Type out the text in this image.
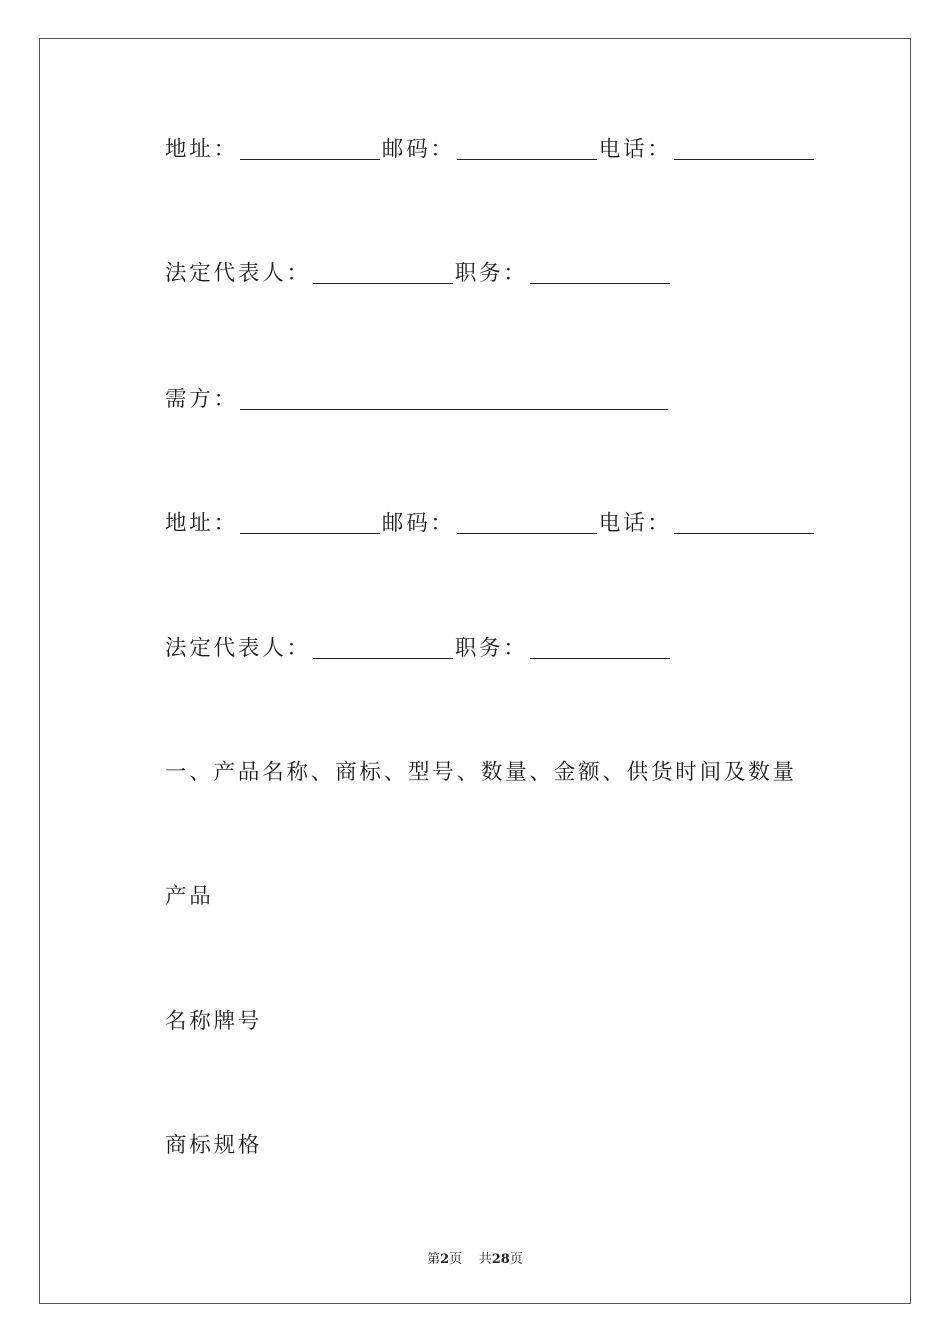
地址：	邮码：	电话：
法定代表人：	职务：
需方：
地址：	邮码：	电话：
法定代表人：	职务：
一、产品名称、商标、型号、数量、金额、供货时间及数量
产品
名称牌号
商标规格
第2页 共28页
